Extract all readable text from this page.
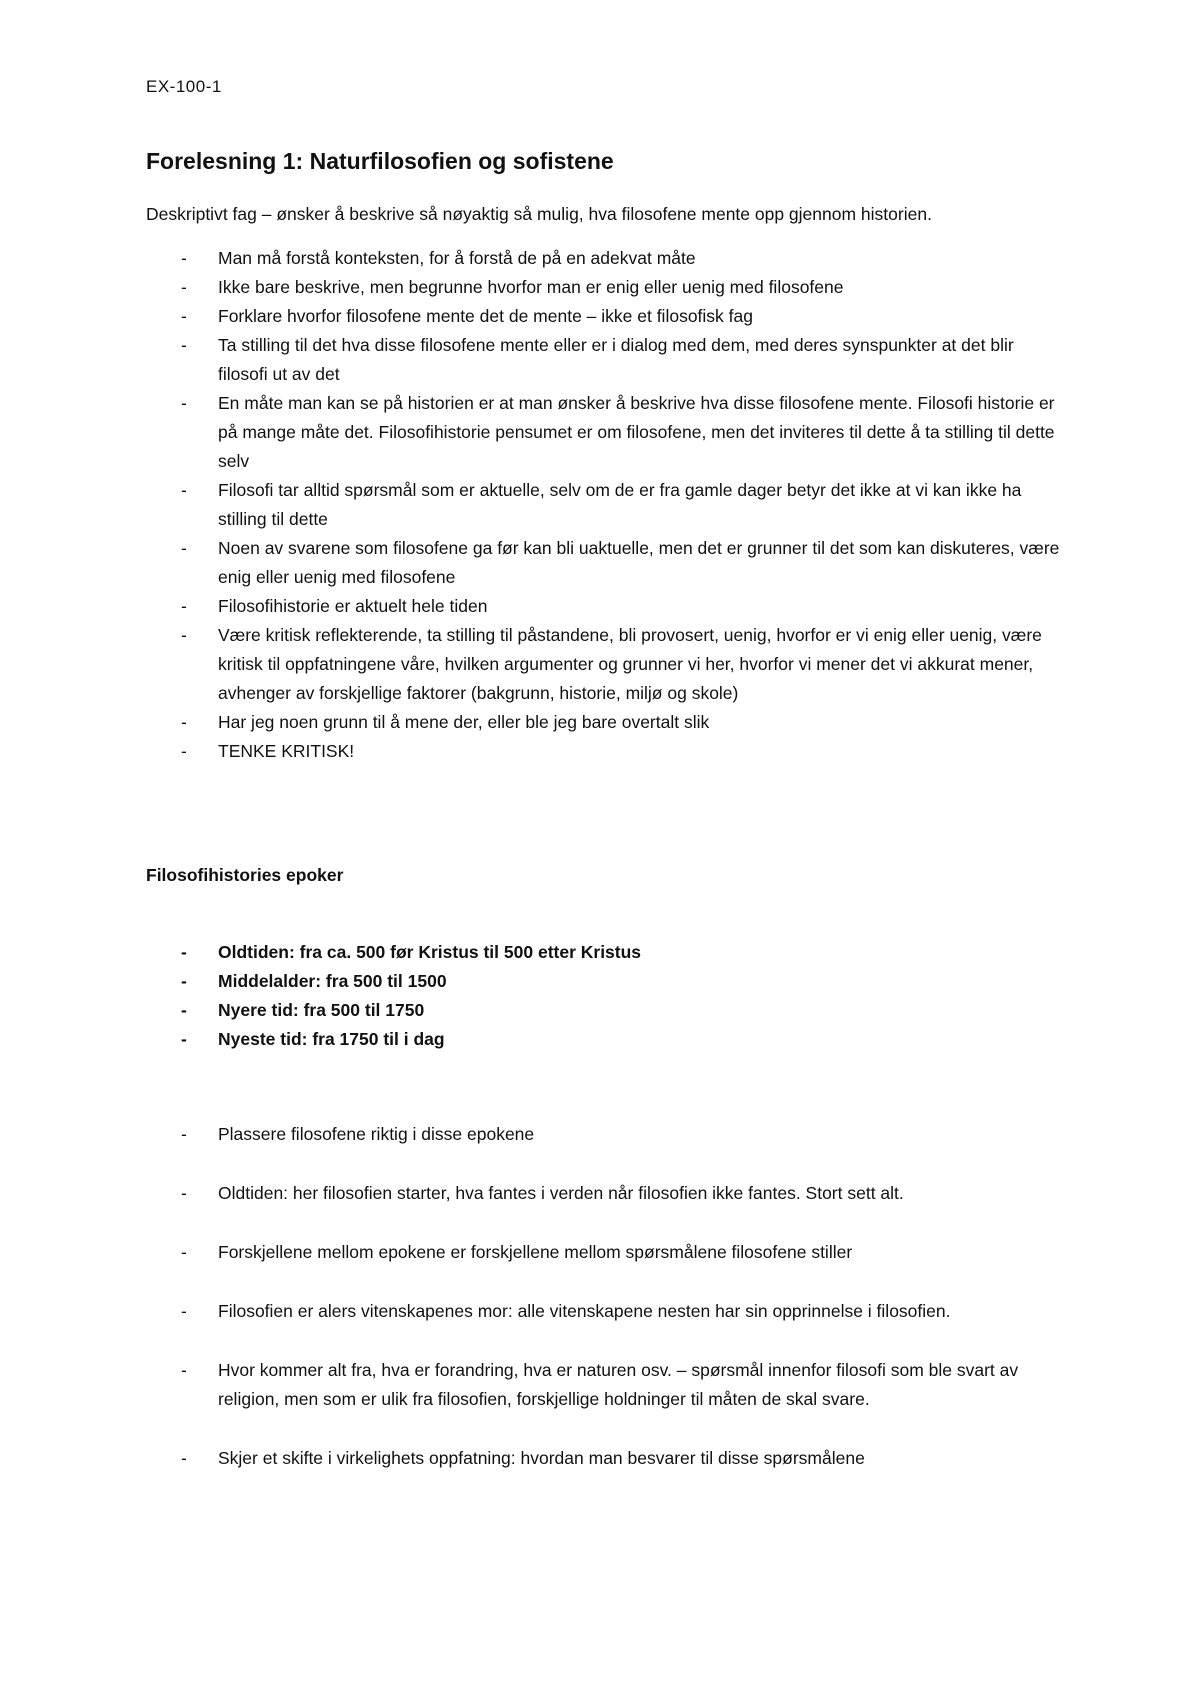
EX-100-1
Forelesning 1: Naturfilosofien og sofistene

Deskriptivt fag – ønsker å beskrive så nøyaktig så mulig, hva filosofene mente opp gjennom historien.

- Man må forstå konteksten, for å forstå de på en adekvat måte
- Ikke bare beskrive, men begrunne hvorfor man er enig eller uenig med filosofene
- Forklare hvorfor filosofene mente det de mente – ikke et filosofisk fag
- Ta stilling til det hva disse filosofene mente eller er i dialog med dem, med deres synspunkter at det blir filosofi ut av det
- En måte man kan se på historien er at man ønsker å beskrive hva disse filosofene mente. Filosofi historie er på mange måte det. Filosofihistorie pensumet er om filosofene, men det inviteres til dette å ta stilling til dette selv
- Filosofi tar alltid spørsmål som er aktuelle, selv om de er fra gamle dager betyr det ikke at vi kan ikke ha stilling til dette
- Noen av svarene som filosofene ga før kan bli uaktuelle, men det er grunner til det som kan diskuteres, være enig eller uenig med filosofene
- Filosofihistorie er aktuelt hele tiden
- Være kritisk reflekterende, ta stilling til påstandene, bli provosert, uenig, hvorfor er vi enig eller uenig, være kritisk til oppfatningene våre, hvilken argumenter og grunner vi her, hvorfor vi mener det vi akkurat mener, avhenger av forskjellige faktorer (bakgrunn, historie, miljø og skole)
- Har jeg noen grunn til å mene der, eller ble jeg bare overtalt slik
- TENKE KRITISK!
Filosofihistories epoker
- Oldtiden: fra ca. 500 før Kristus til 500 etter Kristus
- Middelalder: fra 500 til 1500
- Nyere tid: fra 500 til 1750
- Nyeste tid: fra 1750 til i dag
- Plassere filosofene riktig i disse epokene
- Oldtiden: her filosofien starter, hva fantes i verden når filosofien ikke fantes. Stort sett alt.
- Forskjellene mellom epokene er forskjellene mellom spørsmålene filosofene stiller
- Filosofien er alers vitenskapenes mor: alle vitenskapene nesten har sin opprinnelse i filosofien.
- Hvor kommer alt fra, hva er forandring, hva er naturen osv. – spørsmål innenfor filosofi som ble svart av religion, men som er ulik fra filosofien, forskjellige holdninger til måten de skal svare.
- Skjer et skifte i virkelighets oppfatning: hvordan man besvarer til disse spørsmålene
